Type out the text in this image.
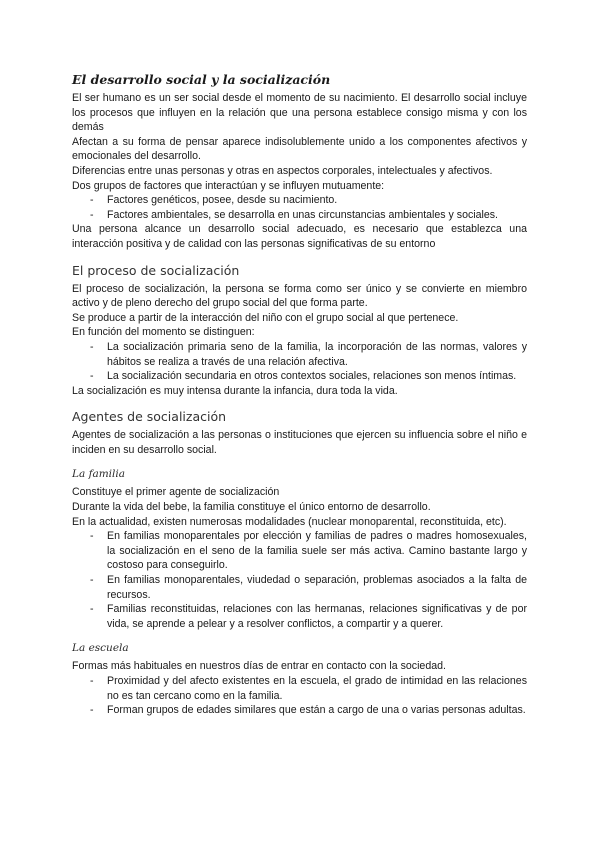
El desarrollo social y la socialización

El ser humano es un ser social desde el momento de su nacimiento. El desarrollo social incluye los procesos que influyen en la relación que una persona establece consigo misma y con los demás

Afectan a su forma de pensar aparece indisolublemente unido a los componentes afectivos y emocionales del desarrollo.

Diferencias entre unas personas y otras en aspectos corporales, intelectuales y afectivos.

Dos grupos de factores que interactúan y se influyen mutuamente:

- Factores genéticos, posee, desde su nacimiento.
- Factores ambientales, se desarrolla en unas circunstancias ambientales y sociales.

Una persona alcance un desarrollo social adecuado, es necesario que establezca una interacción positiva y de calidad con las personas significativas de su entorno

El proceso de socialización

El proceso de socialización, la persona se forma como ser único y se convierte en miembro activo y de pleno derecho del grupo social del que forma parte.

Se produce a partir de la interacción del niño con el grupo social al que pertenece.

En función del momento se distinguen:

- La socialización primaria seno de la familia, la incorporación de las normas, valores y hábitos se realiza a través de una relación afectiva.
- La socialización secundaria en otros contextos sociales, relaciones son menos íntimas.

La socialización es muy intensa durante la infancia, dura toda la vida.

Agentes de socialización

Agentes de socialización a las personas o instituciones que ejercen su influencia sobre el niño e inciden en su desarrollo social.

La familia

Constituye el primer agente de socialización

Durante la vida del bebe, la familia constituye el único entorno de desarrollo.

En la actualidad, existen numerosas modalidades (nuclear monoparental, reconstituida, etc).

- En familias monoparentales por elección y familias de padres o madres homosexuales, la socialización en el seno de la familia suele ser más activa. Camino bastante largo y costoso para conseguirlo.
- En familias monoparentales, viudedad o separación, problemas asociados a la falta de recursos.
- Familias reconstituidas, relaciones con las hermanas, relaciones significativas y de por vida, se aprende a pelear y a resolver conflictos, a compartir y a querer.
La escuela

Formas más habituales en nuestros días de entrar en contacto con la sociedad.

- Proximidad y del afecto existentes en la escuela, el grado de intimidad en las relaciones no es tan cercano como en la familia.
- Forman grupos de edades similares que están a cargo de una o varias personas adultas.
